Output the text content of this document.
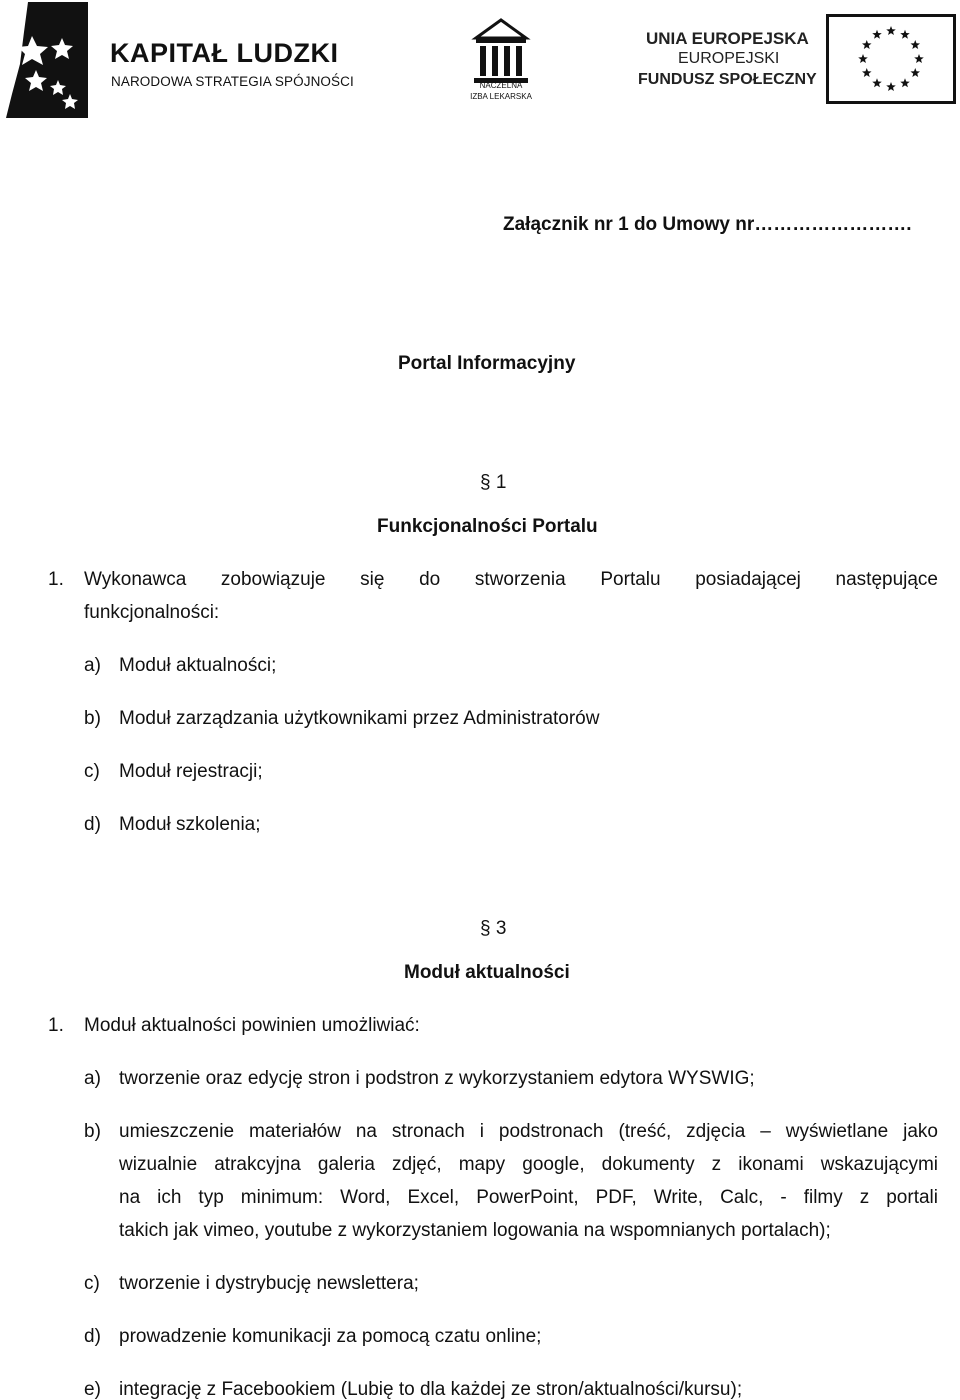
KAPITAŁ LUDZKI
NARODOWA STRATEGIA SPÓJNOŚCI	NACZELNA
IZBA LEKARSKA
UNIA EUROPEJSKA
EUROPEJSKI
FUNDUSZ SPOŁECZNY
Załącznik nr 1 do Umowy nr…………………….
Portal Informacyjny
§ 1
Funkcjonalności Portalu
1. Wykonawca zobowiązuje się do stworzenia Portalu posiadającej następujące
funkcjonalności:
a) Moduł aktualności;
b) Moduł zarządzania użytkownikami przez Administratorów
c) Moduł rejestracji;
d) Moduł szkolenia;
§ 3
Moduł aktualności
1. Moduł aktualności powinien umożliwiać:
a) tworzenie oraz edycję stron i podstron z wykorzystaniem edytora WYSWIG;
b) umieszczenie materiałów na stronach i podstronach (treść, zdjęcia – wyświetlane jako
wizualnie atrakcyjna galeria zdjęć, mapy google, dokumenty z ikonami wskazującymi
na ich typ minimum: Word, Excel, PowerPoint, PDF, Write, Calc, - filmy z portali
takich jak vimeo, youtube z wykorzystaniem logowania na wspomnianych portalach);
c) tworzenie i dystrybucję newslettera;
d) prowadzenie komunikacji za pomocą czatu online;
e) integrację z Facebookiem (Lubię to dla każdej ze stron/aktualności/kursu);
